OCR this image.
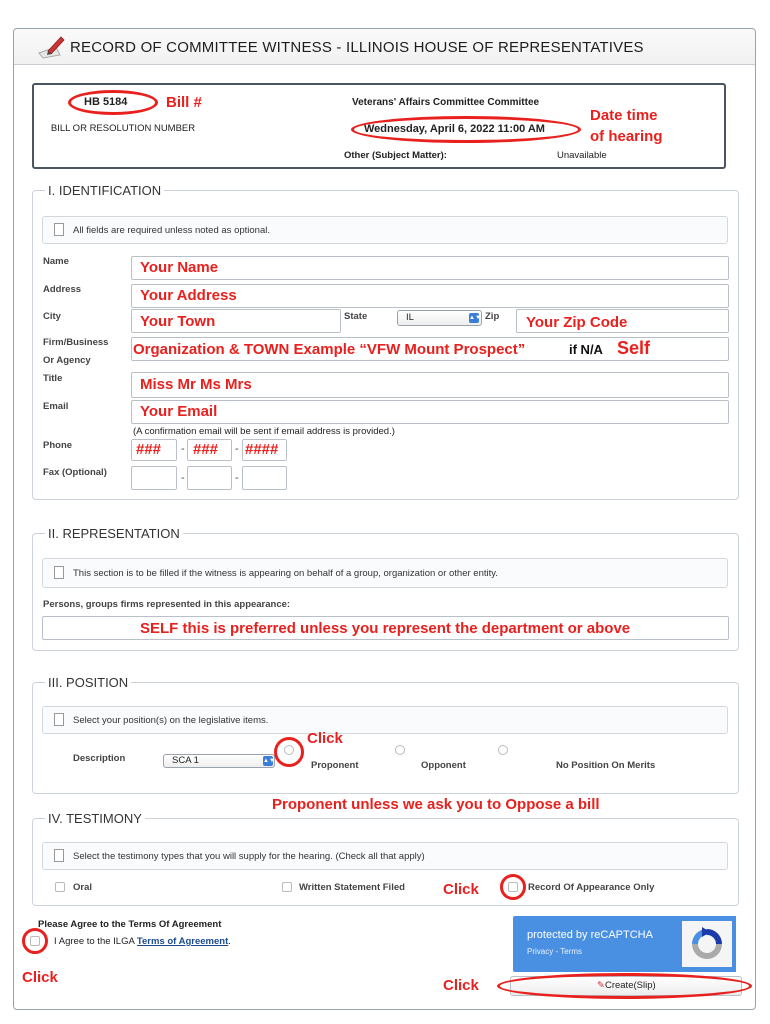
RECORD OF COMMITTEE WITNESS - ILLINOIS HOUSE OF REPRESENTATIVES
HB 5184	Bill #
BILL OR RESOLUTION NUMBER
Veterans' Affairs Committee Committee
Wednesday, April 6, 2022 11:00 AM
Date time
of hearing
Other (Subject Matter):	Unavailable
I. IDENTIFICATION
All fields are required unless noted as optional.
Name	Your Name
Address	Your Address
City	Your Town	State	IL	▲▼ Zip Your Zip Code
Firm/Business
Or Agency
Organization & TOWN Example “VFW Mount Prospect”	if N/A Self
Title	Miss Mr Ms Mrs
Email	Your Email
(A confirmation email will be sent if email address is provided.)
Phone	### - ### - ####
Fax (Optional)	-	-
II. REPRESENTATION
This section is to be filled if the witness is appearing on behalf of a group, organization or other entity.
Persons, groups firms represented in this appearance:
SELF this is preferred unless you represent the department or above
III. POSITION
Select your position(s) on the legislative items.
Click
Description	SCA 1	▲▼	Proponent	Opponent	No Position On Merits
Proponent unless we ask you to Oppose a bill
IV. TESTIMONY
Select the testimony types that you will supply for the hearing. (Check all that apply)
Oral	Written Statement Filed	Click	Record Of Appearance Only
Please Agree to the Terms Of Agreement
I Agree to the ILGA Terms of Agreement.
Click
protected by reCAPTCHA
Privacy - Terms
Click	✎Create(Slip)
